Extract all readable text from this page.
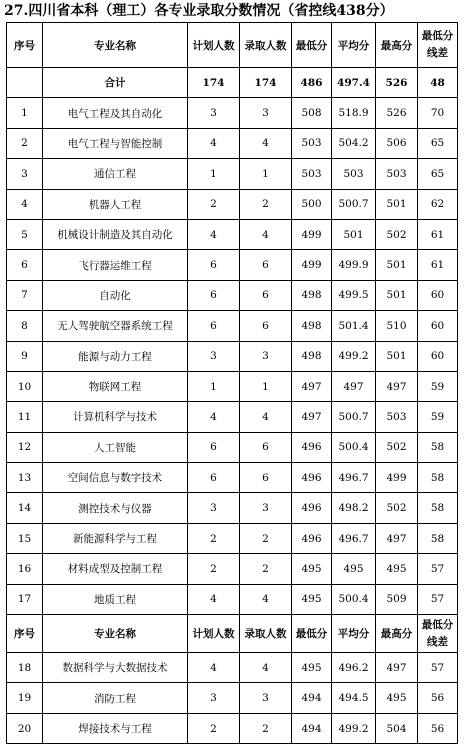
27.四川省本科（理工）各专业录取分数情况（省控线438分）
序号	专业名称	计划人数	录取人数	最低分	平均分	最高分	最低分
线差

	合计	174	174	486	497.4	526	48
1	电气工程及其自动化	3	3	508	518.9	526	70
2	电气工程与智能控制	4	4	503	504.2	506	65
3	通信工程	1	1	503	503	503	65
4	机器人工程	2	2	500	500.7	501	62
5	机械设计制造及其自动化	4	4	499	501	502	61
6	飞行器运维工程	6	6	499	499.9	501	61
7	自动化	6	6	498	499.5	501	60
8	无人驾驶航空器系统工程	6	6	498	501.4	510	60
9	能源与动力工程	3	3	498	499.2	501	60
10	物联网工程	1	1	497	497	497	59
11	计算机科学与技术	4	4	497	500.7	503	59
12	人工智能	6	6	496	500.4	502	58
13	空间信息与数字技术	6	6	496	496.7	499	58
14	测控技术与仪器	3	3	496	498.2	502	58
15	新能源科学与工程	2	2	496	496.7	497	58
16	材料成型及控制工程	2	2	495	495	495	57
17	地质工程	4	4	495	500.4	509	57
序号	专业名称	计划人数	录取人数	最低分	平均分	最高分	最低分
线差

18	数据科学与大数据技术	4	4	495	496.2	497	57
19	消防工程	3	3	494	494.5	495	56
20	焊接技术与工程	2	2	494	499.2	504	56
